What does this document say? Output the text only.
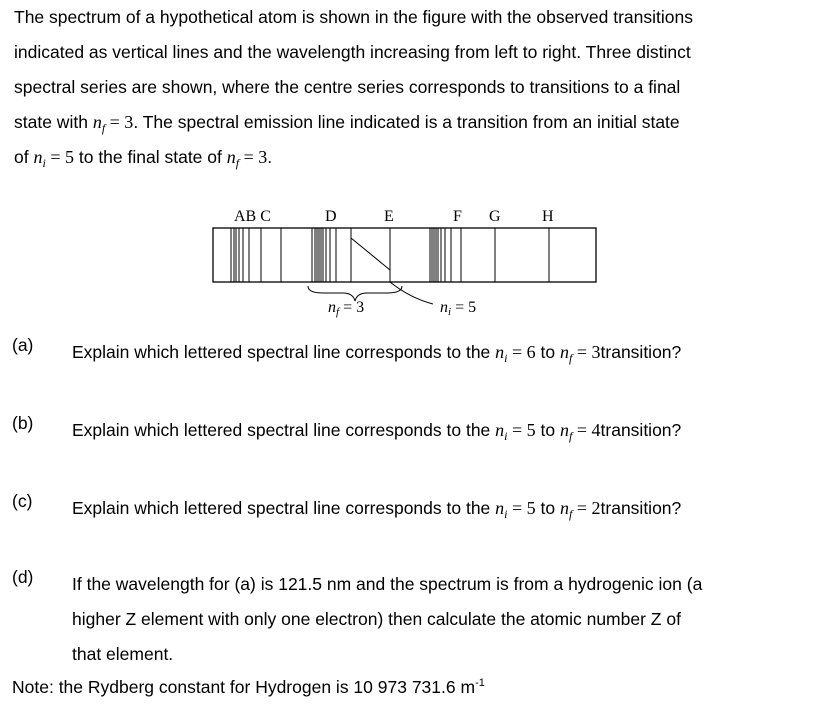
The spectrum of a hypothetical atom is shown in the figure with the observed transitions
indicated as vertical lines and the wavelength increasing from left to right. Three distinct
spectral series are shown, where the centre series corresponds to transitions to a final
state with $n_f = 3$. The spectral emission line indicated is a transition from an initial state
of $n_i = 5$ to the final state of $n_f = 3$.
AB C	D	E	F G	H
nf = 3	ni = 5
(a) Explain which lettered spectral line corresponds to the $n_i = 6$ to $n_f$ = 3transition?
(b) Explain which lettered spectral line corresponds to the $n_i = 5$ to $n_f$ = 4transition?
(c) Explain which lettered spectral line corresponds to the $n_i = 5$ to $n_f$ = 2transition?
(d) If the wavelength for (a) is 121.5 nm and the spectrum is from a hydrogenic ion (a
higher Z element with only one electron) then calculate the atomic number Z of
that element.
Note: the Rydberg constant for Hydrogen is 10 973 731.6 $m^{-1}$
